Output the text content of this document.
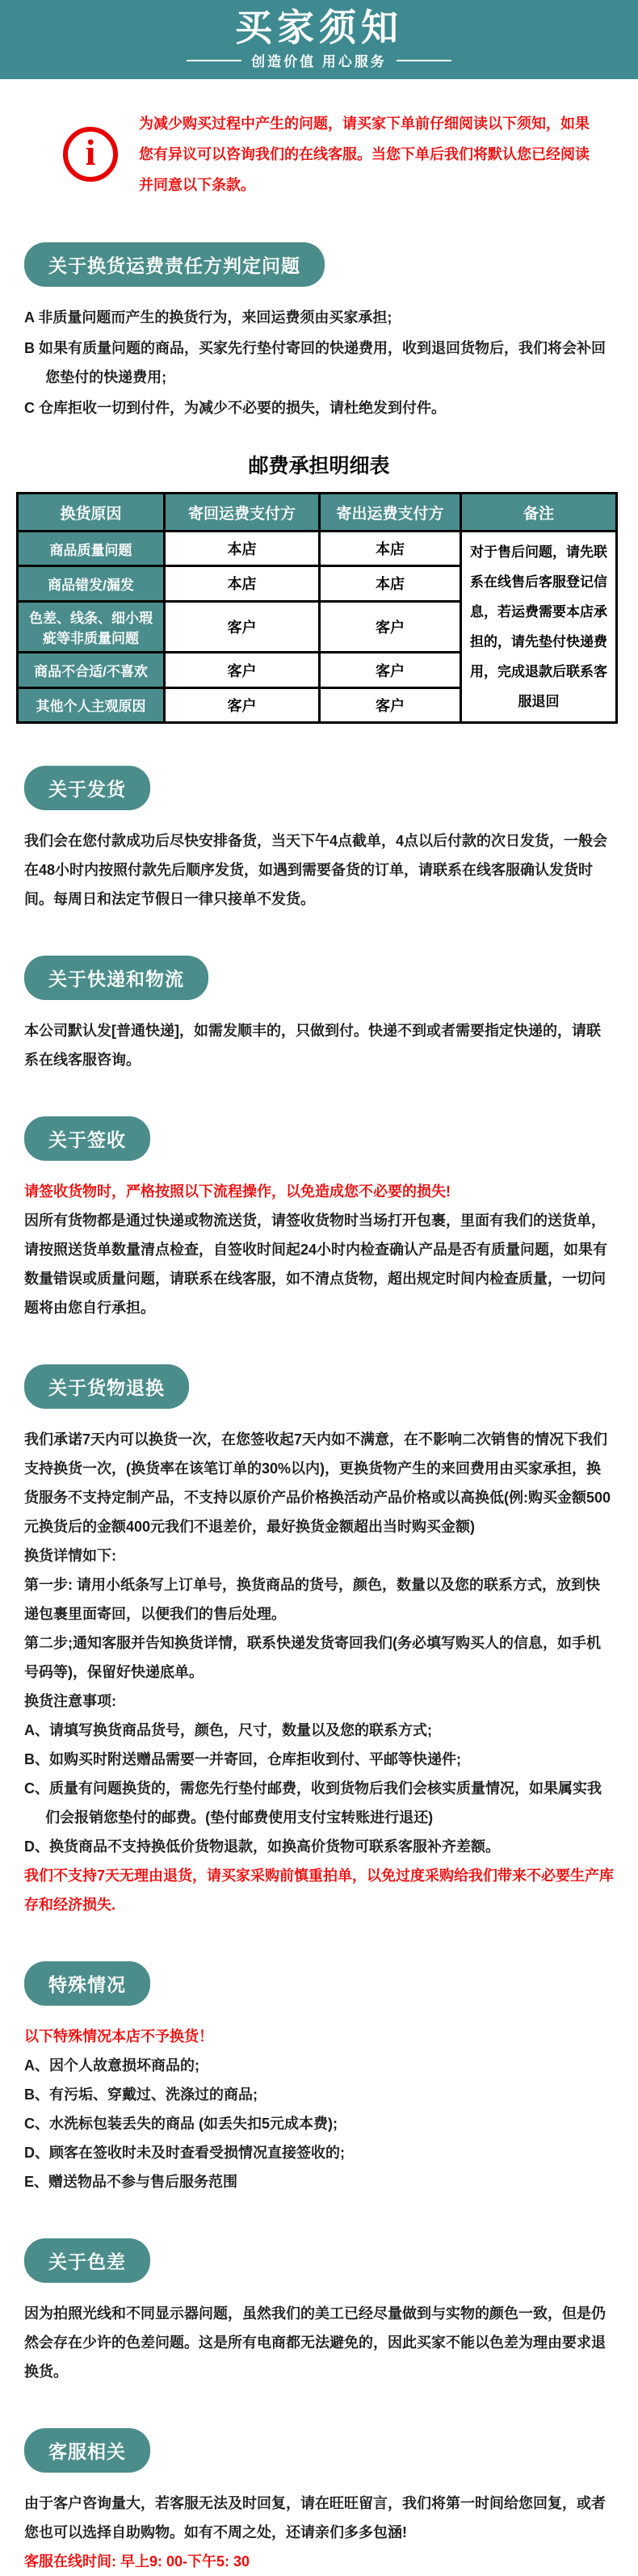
买家须知
创造价值 用心服务
i

为减少购买过程中产生的问题，请买家下单前仔细阅读以下须知，如果您有异议可以咨询我们的在线客服。当您下单后我们将默认您已经阅读并同意以下条款。

关于换货运费责任方判定问题

A 非质量问题而产生的换货行为，来回运费须由买家承担;

B 如果有质量问题的商品，买家先行垫付寄回的快递费用，收到退回货物后，我们将会补回您垫付的快递费用;

C 仓库拒收一切到付件，为减少不必要的损失，请杜绝发到付件。

邮费承担明细表
换货原因	寄回运费支付方	寄出运费支付方	备注
商品质量问题	本店	本店	对于售后问题，请先联系在线售后客服登记信息，若运费需要本店承担的，请先垫付快递费用，完成退款后联系客服退回
商品错发/漏发	本店	本店	
色差、线条、细小瑕疵等非质量问题	客户	客户	
商品不合适/不喜欢	客户	客户	
其他个人主观原因	客户	客户	
关于发货
我们会在您付款成功后尽快安排备货，当天下午4点截单，4点以后付款的次日发货，一般会在48小时内按照付款先后顺序发货，如遇到需要备货的订单，请联系在线客服确认发货时间。每周日和法定节假日一律只接单不发货。
关于快递和物流
本公司默认发[普通快递]，如需发顺丰的，只做到付。快递不到或者需要指定快递的，请联系在线客服咨询。
关于签收

请签收货物时，严格按照以下流程操作，以免造成您不必要的损失!

因所有货物都是通过快递或物流送货，请签收货物时当场打开包裹，里面有我们的送货单，请按照送货单数量清点检查，自签收时间起24小时内检查确认产品是否有质量问题，如果有数量错误或质量问题，请联系在线客服，如不清点货物，超出规定时间内检查质量，一切问题将由您自行承担。

关于货物退换

我们承诺7天内可以换货一次，在您签收起7天内如不满意，在不影响二次销售的情况下我们支持换货一次，(换货率在该笔订单的30%以内)，更换货物产生的来回费用由买家承担，换货服务不支持定制产品，不支持以原价产品价格换活动产品价格或以高换低(例:购买金额500元换货后的金额400元我们不退差价，最好换货金额超出当时购买金额)

换货详情如下:

第一步: 请用小纸条写上订单号，换货商品的货号，颜色，数量以及您的联系方式，放到快递包裹里面寄回，以便我们的售后处理。

第二步;通知客服并告知换货详情，联系快递发货寄回我们(务必填写购买人的信息，如手机号码等)，保留好快递底单。

换货注意事项:

A、请填写换货商品货号，颜色，尺寸，数量以及您的联系方式;

B、如购买时附送赠品需要一并寄回，仓库拒收到付、平邮等快递件;

C、质量有问题换货的，需您先行垫付邮费，收到货物后我们会核实质量情况，如果属实我们会报销您垫付的邮费。(垫付邮费使用支付宝转账进行退还)

D、换货商品不支持换低价货物退款，如换高价货物可联系客服补齐差额。

我们不支持7天无理由退货，请买家采购前慎重拍单，以免过度采购给我们带来不必要生产库存和经济损失.

特殊情况

以下特殊情况本店不予换货！

A、因个人故意损坏商品的;

B、有污垢、穿戴过、洗涤过的商品;

C、水洗标包装丢失的商品 (如丢失扣5元成本费);

D、顾客在签收时未及时查看受损情况直接签收的;

E、赠送物品不参与售后服务范围

关于色差
因为拍照光线和不同显示器问题，虽然我们的美工已经尽量做到与实物的颜色一致，但是仍然会存在少许的色差问题。这是所有电商都无法避免的，因此买家不能以色差为理由要求退换货。
客服相关

由于客户咨询量大，若客服无法及时回复，请在旺旺留言，我们将第一时间给您回复，或者您也可以选择自助购物。如有不周之处，还请亲们多多包涵!

客服在线时间: 早上9: 00-下午5: 30
